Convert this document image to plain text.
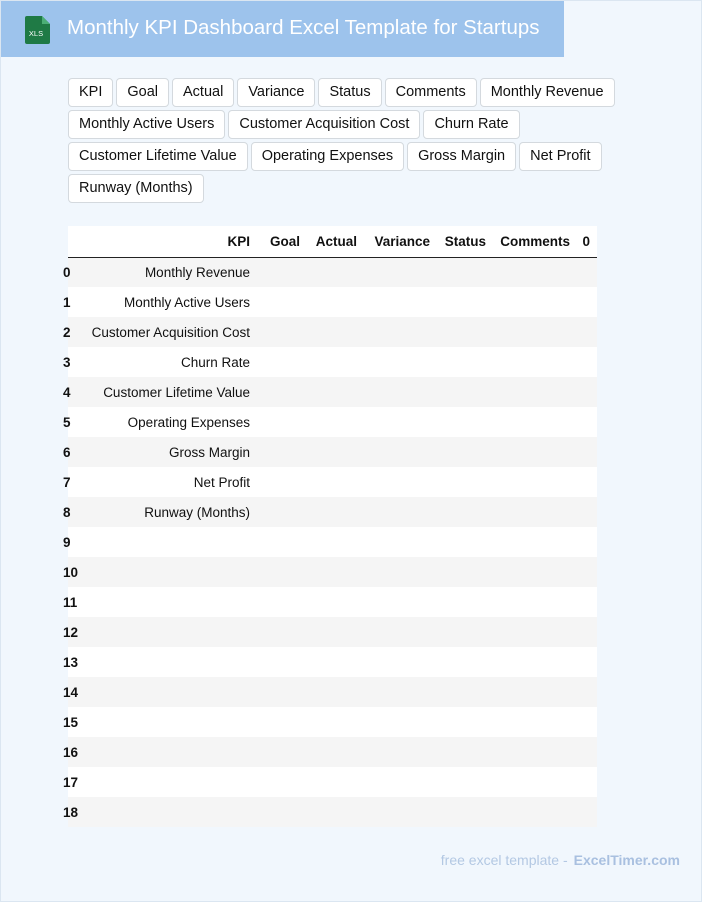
XLS Monthly KPI Dashboard Excel Template for Startups
KPI	Goal	Actual	Variance	Status	Comments	Monthly Revenue
Monthly Active Users	Customer Acquisition Cost	Churn Rate
Customer Lifetime Value	Operating Expenses	Gross Margin	Net Profit
Runway (Months)
	KPI	Goal	Actual	Variance	Status	Comments	0
0	Monthly Revenue						
1	Monthly Active Users						
2	Customer Acquisition Cost						
3	Churn Rate						
4	Customer Lifetime Value						
5	Operating Expenses						
6	Gross Margin						
7	Net Profit						
8	Runway (Months)						
9							
10							
11							
12							
13							
14							
15							
16							
17							
18							
free excel template - ExcelTimer.com
